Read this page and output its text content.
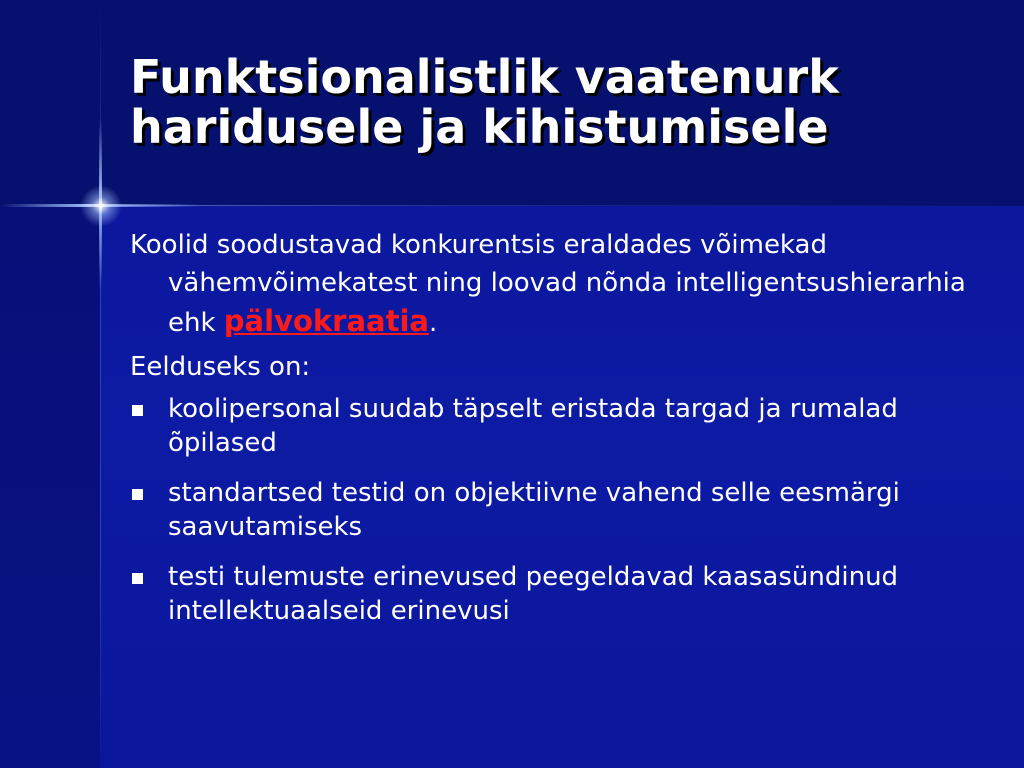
Funktsionalistlik vaatenurk
haridusele ja kihistumisele

Koolid soodustavad konkurentsis eraldades võimekad vähemvõimekatest ning loovad nõnda intelligentsushierarhia ehk pälvokraatia.

Eelduseks on:

koolipersonal suudab täpselt eristada targad ja rumalad õpilased
standartsed testid on objektiivne vahend selle eesmärgi saavutamiseks
testi tulemuste erinevused peegeldavad kaasasündinud intellektuaalseid erinevusi
